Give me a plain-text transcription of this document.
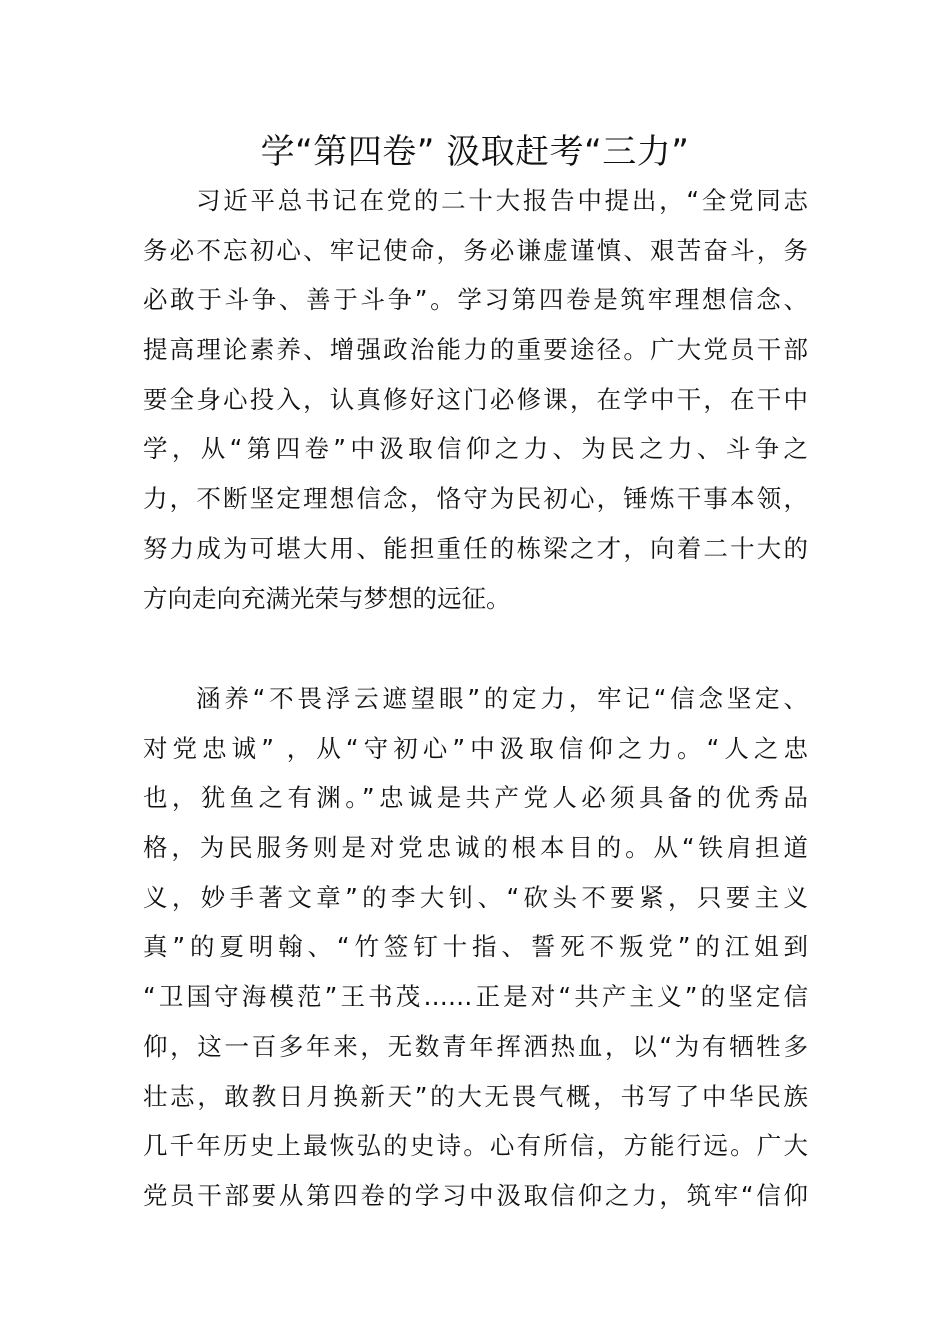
学“第四卷” 汲取赶考“三力”
习近平总书记在党的二十大报告中提出，“全党同志
务必不忘初心、牢记使命，务必谦虚谨慎、艰苦奋斗，务
必敢于斗争、善于斗争”。学习第四卷是筑牢理想信念、
提高理论素养、增强政治能力的重要途径。广大党员干部
要全身心投入，认真修好这门必修课，在学中干，在干中
学，从“第四卷”中汲取信仰之力、为民之力、斗争之
力，不断坚定理想信念，恪守为民初心，锤炼干事本领，
努力成为可堪大用、能担重任的栋梁之才，向着二十大的
方向走向充满光荣与梦想的远征。
涵养“不畏浮云遮望眼”的定力，牢记“信念坚定、
对党忠诚” ，从“守初心”中汲取信仰之力。“人之忠
也，犹鱼之有渊。”忠诚是共产党人必须具备的优秀品
格，为民服务则是对党忠诚的根本目的。从“铁肩担道
义，妙手著文章”的李大钊、“砍头不要紧，只要主义
真”的夏明翰、“竹签钉十指、誓死不叛党”的江姐到
“卫国守海模范”王书茂……正是对“共产主义”的坚定信
仰，这一百多年来，无数青年挥洒热血，以“为有牺牲多
壮志，敢教日月换新天”的大无畏气概，书写了中华民族
几千年历史上最恢弘的史诗。心有所信，方能行远。广大
党员干部要从第四卷的学习中汲取信仰之力，筑牢“信仰
